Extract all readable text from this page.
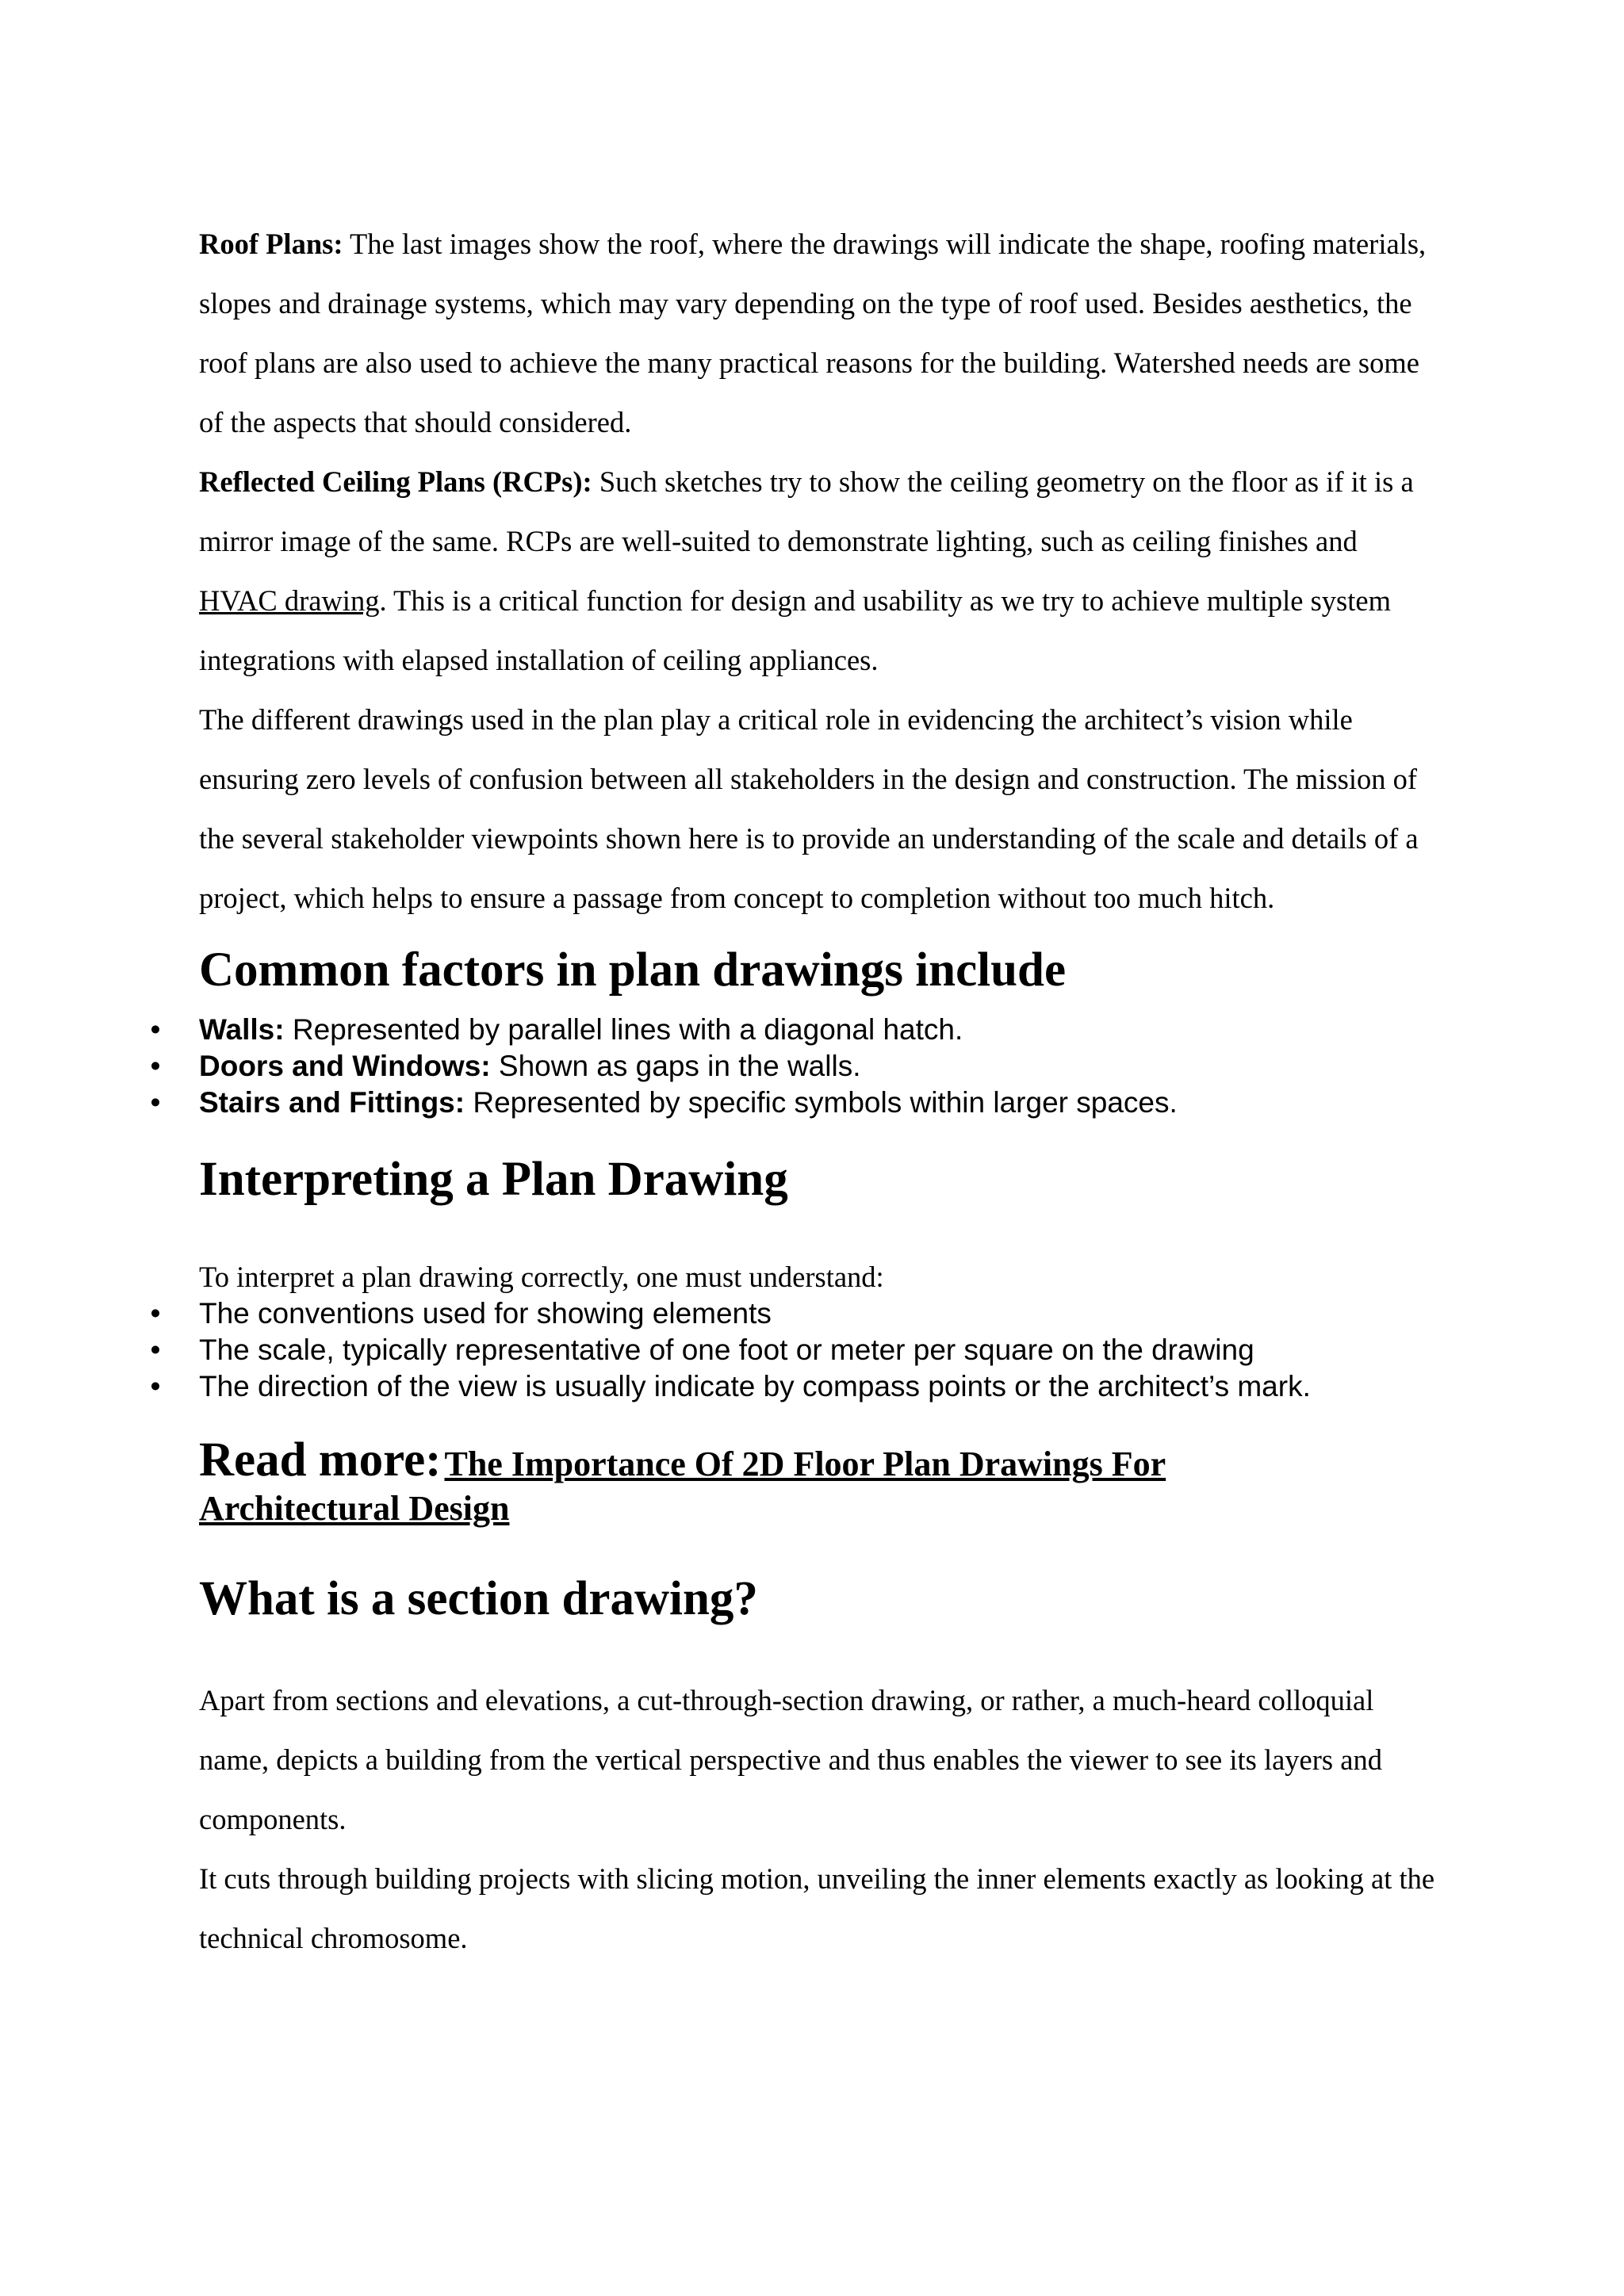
Roof Plans: The last images show the roof, where the drawings will indicate the shape, roofing materials, slopes and drainage systems, which may vary depending on the type of roof used. Besides aesthetics, the roof plans are also used to achieve the many practical reasons for the building. Watershed needs are some of the aspects that should considered.

Reflected Ceiling Plans (RCPs): Such sketches try to show the ceiling geometry on the floor as if it is a mirror image of the same. RCPs are well-suited to demonstrate lighting, such as ceiling finishes and HVAC drawing. This is a critical function for design and usability as we try to achieve multiple system integrations with elapsed installation of ceiling appliances.

The different drawings used in the plan play a critical role in evidencing the architect’s vision while ensuring zero levels of confusion between all stakeholders in the design and construction. The mission of the several stakeholder viewpoints shown here is to provide an understanding of the scale and details of a project, which helps to ensure a passage from concept to completion without too much hitch.

Common factors in plan drawings include
• Walls: Represented by parallel lines with a diagonal hatch.
• Doors and Windows: Shown as gaps in the walls.
• Stairs and Fittings: Represented by specific symbols within larger spaces.
Interpreting a Plan Drawing

To interpret a plan drawing correctly, one must understand:

• The conventions used for showing elements
• The scale, typically representative of one foot or meter per square on the drawing
• The direction of the view is usually indicate by compass points or the architect’s mark.

Read more: The Importance Of 2D Floor Plan Drawings For
Architectural Design

What is a section drawing?

Apart from sections and elevations, a cut-through-section drawing, or rather, a much-heard colloquial name, depicts a building from the vertical perspective and thus enables the viewer to see its layers and components.

It cuts through building projects with slicing motion, unveiling the inner elements exactly as looking at the technical chromosome.
